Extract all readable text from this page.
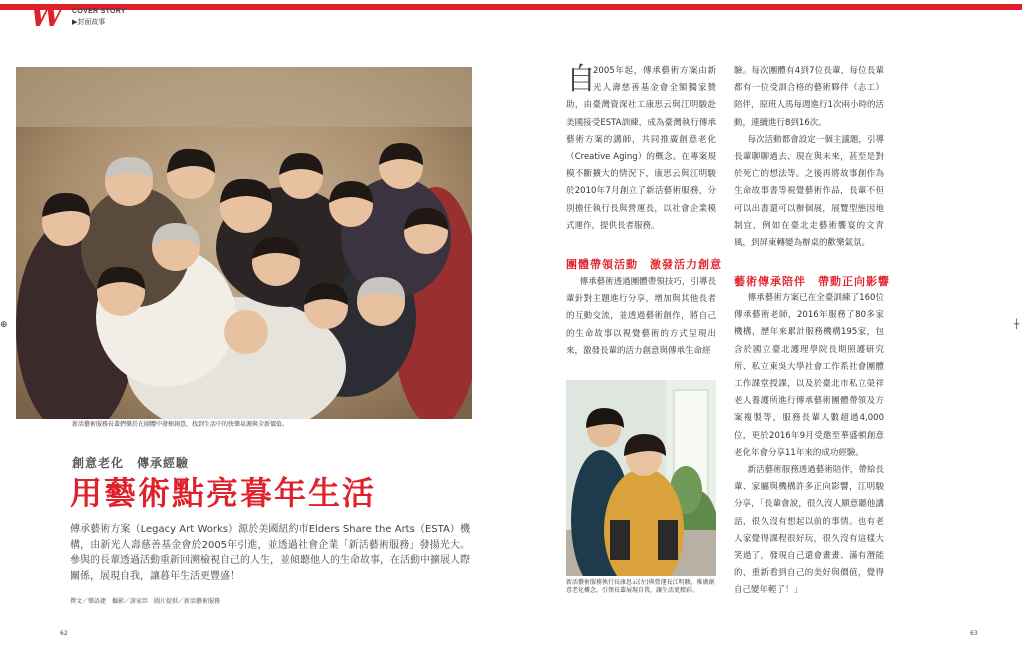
W COVER STORY
▶封面故事
新活藝術服務長輩們樂於在團體中發揮創意，找到生活中的快樂泉源與全新價值。
創意老化　傳承經驗
用藝術點亮暮年生活
傳承藝術方案（Legacy Art Works）源於美國紐約市Elders Share the Arts（ESTA）機構，由新光人壽慈善基金會於2005年引進，並透過社會企業「新活藝術服務」發揚光大。參與的長輩透過活動重新回溯檢視自己的人生，並傾聽他人的生命故事，在活動中擴展人際關係，展現自我，讓暮年生活更豐盛！
撰文／樂語捷　攝影／游家臣　圖片提供／新活藝術服務
62
⊕	┼

自
2005年起，傳承藝術方案由新光人壽慈善基金會全額獨家贊助，由臺灣資深社工康思云與江明駿赴美國接受ESTA訓練，成為臺灣執行傳承藝術方案的講師，共同推廣創意老化（Creative Aging）的概念。在專案規模不斷擴大的情況下，康思云與江明駿於2010年7月創立了新活藝術服務，分別擔任執行長與營運長，以社會企業模式運作，提供長者服務。

團體帶領活動　激發活力創意

傳承藝術透過團體帶領技巧，引導長輩針對主題進行分享，增加與其他長者的互動交流，並透過藝術創作，將自己的生命故事以視覺藝術的方式呈現出來，激發長輩的活力創意與傳承生命經

新活藝術服務執行長康思云(左)與營運長江明駿，推廣創意老化概念，引領長輩展現自我，讓生活更精彩。

驗。每次團體有4到7位長輩，每位長輩都有一位受訓合格的藝術夥伴（志工）陪伴，原班人馬每週進行1次兩小時的活動，連續進行8到16次。

每次活動都會設定一個主議題，引導長輩聊聊過去、現在與未來，甚至是對於死亡的想法等。之後再將故事創作為生命故事書等視覺藝術作品，長輩不但可以出書還可以辦個展，展覽型態因地制宜，例如在臺北走藝術饗宴的文青風，到屏東轉變為辦桌的歡樂氣氛。

藝術傳承陪伴　帶動正向影響

傳承藝術方案已在全臺訓練了160位傳承藝術老師，2016年服務了80多家機構，歷年來累計服務機構195家，包含於國立臺北護理學院長期照護研究所、私立東吳大學社會工作系社會團體工作課堂授課，以及於臺北市私立榮祥老人養護所進行傳承藝術團體帶領及方案複製等，服務長輩人數超過4,000位，更於2016年9月受邀至華盛頓創意老化年會分享11年來的成功經驗。

新活藝術服務透過藝術陪伴，帶給長輩、家屬與機構許多正向影響，江明駿分享，「長輩會說，很久沒人願意聽他講話，很久沒有想起以前的事情。也有老人家覺得課程很好玩，很久沒有這樣大笑過了，發現自己還會畫畫、滿有潛能的，重新看到自己的美好與價值，覺得自己變年輕了！」

63
